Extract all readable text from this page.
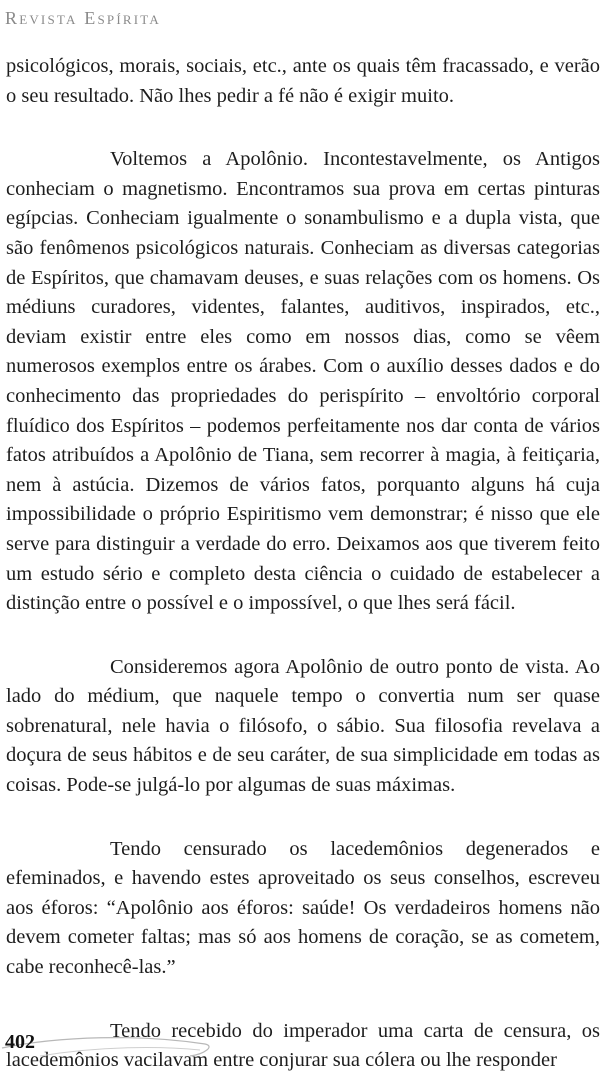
Revista Espírita

psicológicos, morais, sociais, etc., ante os quais têm fracassado, e verão o seu resultado. Não lhes pedir a fé não é exigir muito.

Voltemos a Apolônio. Incontestavelmente, os Antigos conheciam o magnetismo. Encontramos sua prova em certas pinturas egípcias. Conheciam igualmente o sonambulismo e a dupla vista, que são fenômenos psicológicos naturais. Conheciam as diversas categorias de Espíritos, que chamavam deuses, e suas relações com os homens. Os médiuns curadores, videntes, falantes, auditivos, inspirados, etc., deviam existir entre eles como em nossos dias, como se vêem numerosos exemplos entre os árabes. Com o auxílio desses dados e do conhecimento das propriedades do perispírito – envoltório corporal fluídico dos Espíritos – podemos perfeitamente nos dar conta de vários fatos atribuídos a Apolônio de Tiana, sem recorrer à magia, à feitiçaria, nem à astúcia. Dizemos de vários fatos, porquanto alguns há cuja impossibilidade o próprio Espiritismo vem demonstrar; é nisso que ele serve para distinguir a verdade do erro. Deixamos aos que tiverem feito um estudo sério e completo desta ciência o cuidado de estabelecer a distinção entre o possível e o impossível, o que lhes será fácil.

Consideremos agora Apolônio de outro ponto de vista. Ao lado do médium, que naquele tempo o convertia num ser quase sobrenatural, nele havia o filósofo, o sábio. Sua filosofia revelava a doçura de seus hábitos e de seu caráter, de sua simplicidade em todas as coisas. Pode-se julgá-lo por algumas de suas máximas.

Tendo censurado os lacedemônios degenerados e efeminados, e havendo estes aproveitado os seus conselhos, escreveu aos éforos: “Apolônio aos éforos: saúde! Os verdadeiros homens não devem cometer faltas; mas só aos homens de coração, se as cometem, cabe reconhecê-las.”

Tendo recebido do imperador uma carta de censura, os lacedemônios vacilavam entre conjurar sua cólera ou lhe responder

402
